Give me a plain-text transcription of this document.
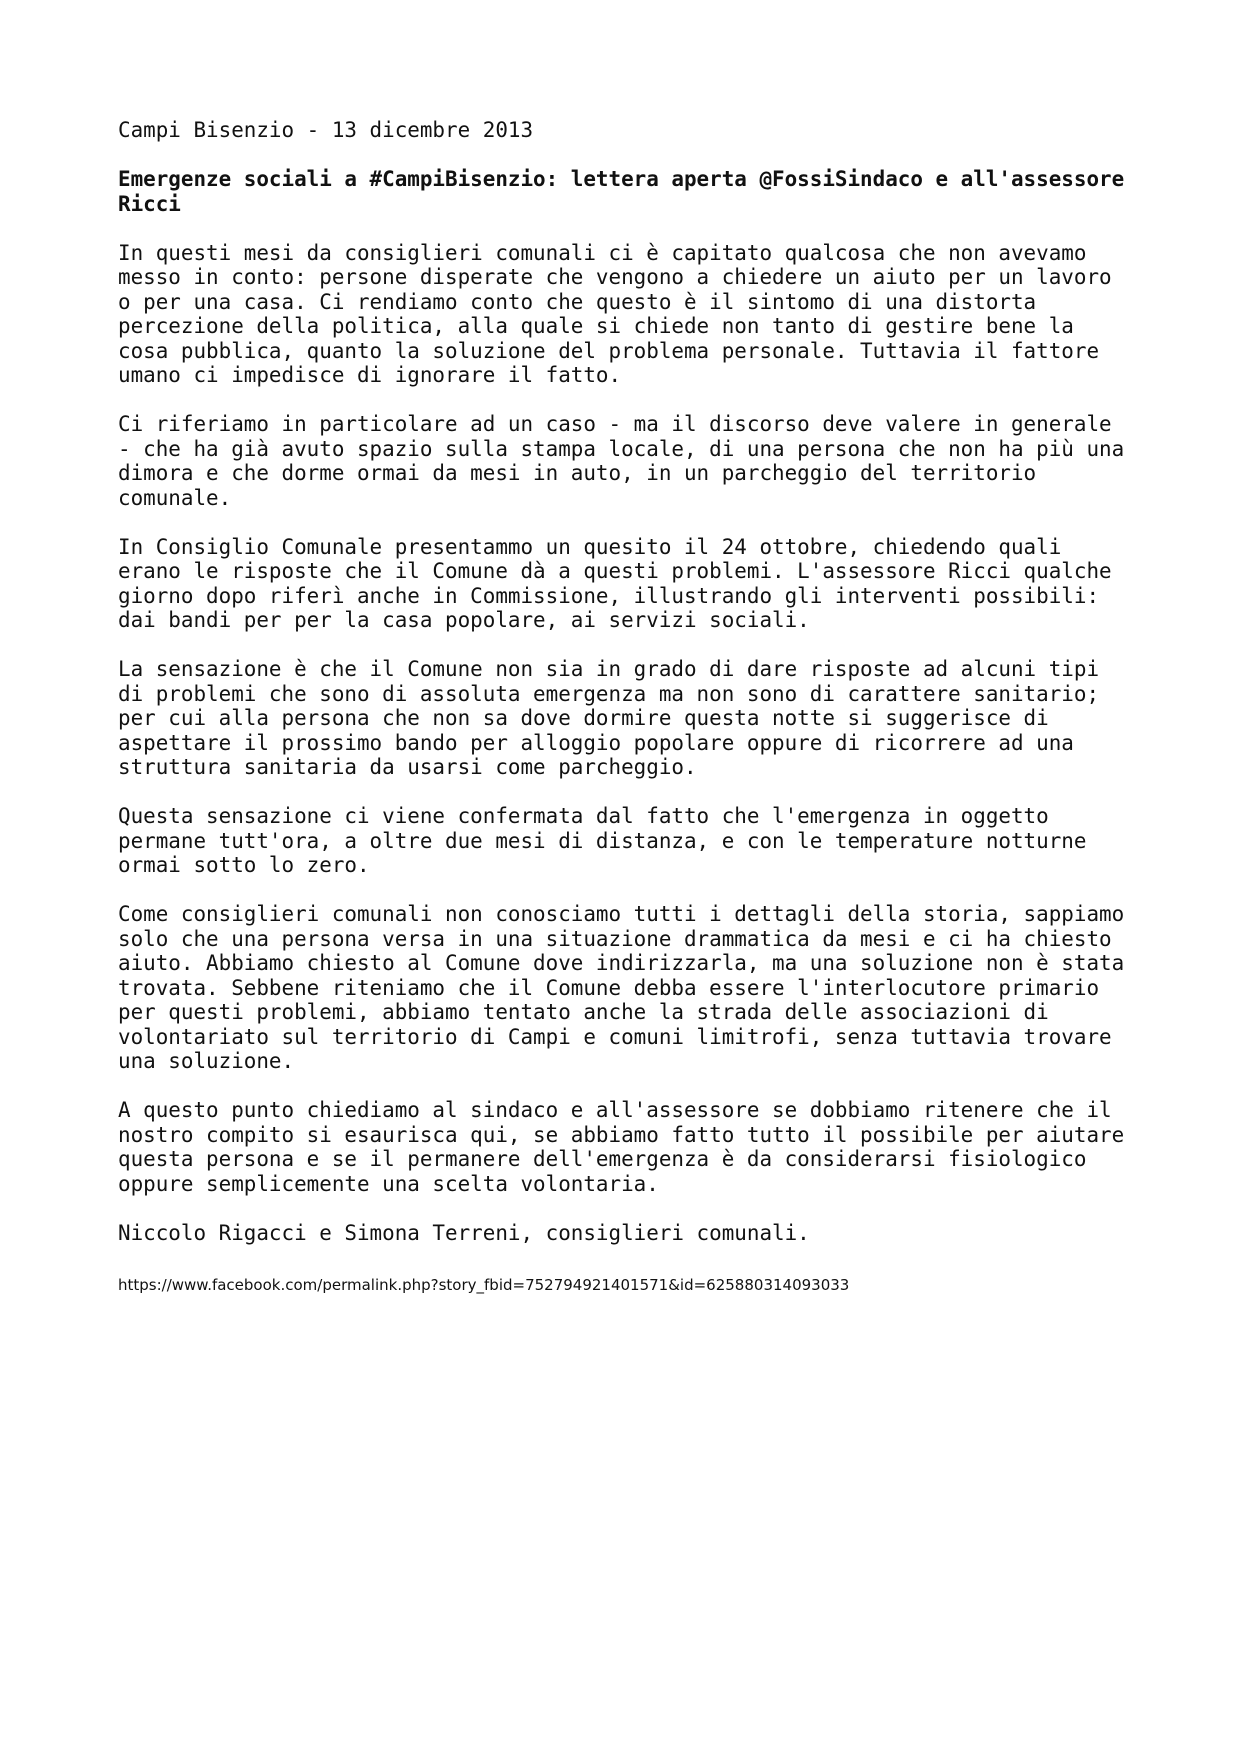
Campi Bisenzio - 13 dicembre 2013
Emergenze sociali a #CampiBisenzio: lettera aperta @FossiSindaco e all'assessore
Ricci
In questi mesi da consiglieri comunali ci è capitato qualcosa che non avevamo
messo in conto: persone disperate che vengono a chiedere un aiuto per un lavoro
o per una casa. Ci rendiamo conto che questo è il sintomo di una distorta
percezione della politica, alla quale si chiede non tanto di gestire bene la
cosa pubblica, quanto la soluzione del problema personale. Tuttavia il fattore
umano ci impedisce di ignorare il fatto.
Ci riferiamo in particolare ad un caso - ma il discorso deve valere in generale
- che ha già avuto spazio sulla stampa locale, di una persona che non ha più una
dimora e che dorme ormai da mesi in auto, in un parcheggio del territorio
comunale.
In Consiglio Comunale presentammo un quesito il 24 ottobre, chiedendo quali
erano le risposte che il Comune dà a questi problemi. L'assessore Ricci qualche
giorno dopo riferì anche in Commissione, illustrando gli interventi possibili:
dai bandi per per la casa popolare, ai servizi sociali.
La sensazione è che il Comune non sia in grado di dare risposte ad alcuni tipi
di problemi che sono di assoluta emergenza ma non sono di carattere sanitario;
per cui alla persona che non sa dove dormire questa notte si suggerisce di
aspettare il prossimo bando per alloggio popolare oppure di ricorrere ad una
struttura sanitaria da usarsi come parcheggio.
Questa sensazione ci viene confermata dal fatto che l'emergenza in oggetto
permane tutt'ora, a oltre due mesi di distanza, e con le temperature notturne
ormai sotto lo zero.
Come consiglieri comunali non conosciamo tutti i dettagli della storia, sappiamo
solo che una persona versa in una situazione drammatica da mesi e ci ha chiesto
aiuto. Abbiamo chiesto al Comune dove indirizzarla, ma una soluzione non è stata
trovata. Sebbene riteniamo che il Comune debba essere l'interlocutore primario
per questi problemi, abbiamo tentato anche la strada delle associazioni di
volontariato sul territorio di Campi e comuni limitrofi, senza tuttavia trovare
una soluzione.
A questo punto chiediamo al sindaco e all'assessore se dobbiamo ritenere che il
nostro compito si esaurisca qui, se abbiamo fatto tutto il possibile per aiutare
questa persona e se il permanere dell'emergenza è da considerarsi fisiologico
oppure semplicemente una scelta volontaria.
Niccolo Rigacci e Simona Terreni, consiglieri comunali.
https://www.facebook.com/permalink.php?story_fbid=752794921401571&id=625880314093033
